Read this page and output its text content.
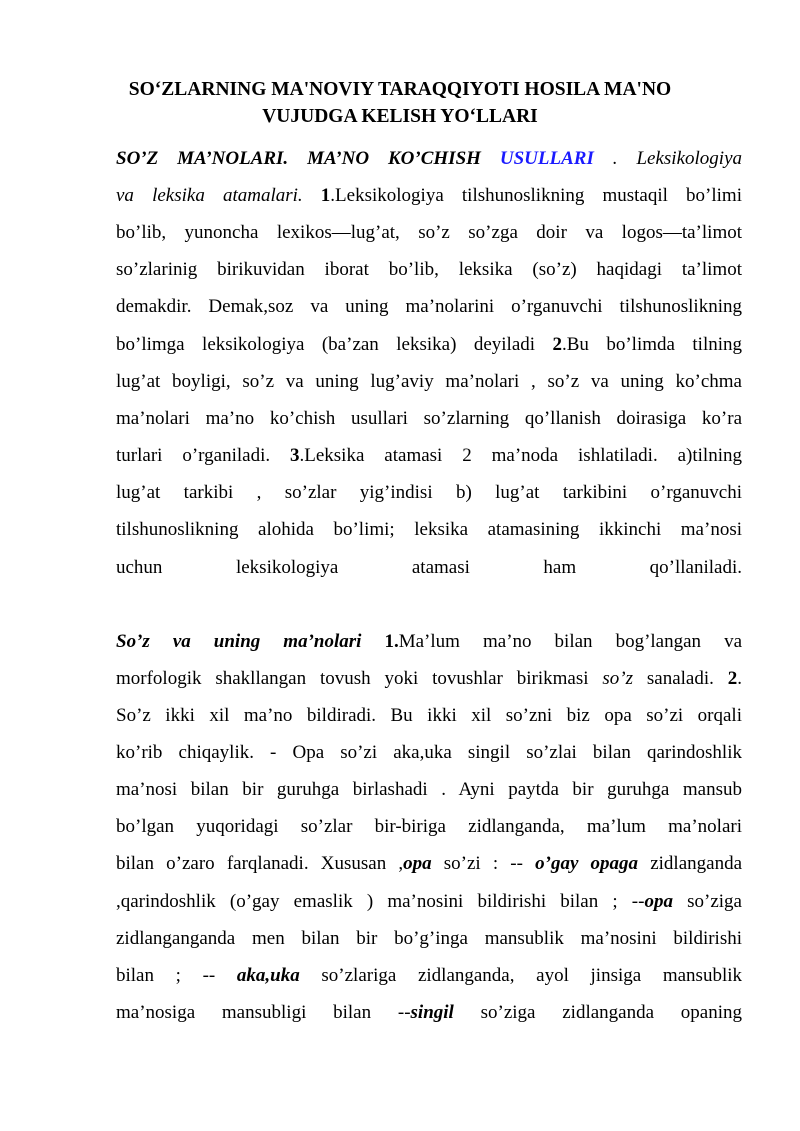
SO‘ZLARNING MA'NOVIY TARAQQIYOTI HOSILA MA'NO
VUJUDGA KELISH YO‘LLARI
SO’Z MA’NOLARI. MA’NO KO’CHISH USULLARI . Leksikologiya
va leksika atamalari. 1.Leksikologiya tilshunoslikning mustaqil bo’limi
bo’lib, yunoncha lexikos—lug’at, so’z so’zga doir va logos—ta’limot
so’zlarinig birikuvidan iborat bo’lib, leksika (so’z) haqidagi ta’limot
demakdir. Demak,soz va uning ma’nolarini o’rganuvchi tilshunoslikning
bo’limga leksikologiya (ba’zan leksika) deyiladi 2.Bu bo’limda tilning
lug’at boyligi, so’z va uning lug’aviy ma’nolari , so’z va uning ko’chma
ma’nolari ma’no ko’chish usullari so’zlarning qo’llanish doirasiga ko’ra
turlari o’rganiladi. 3.Leksika atamasi 2 ma’noda ishlatiladi. a)tilning
lug’at tarkibi , so’zlar yig’indisi b) lug’at tarkibini o’rganuvchi
tilshunoslikning alohida bo’limi; leksika atamasining ikkinchi ma’nosi
uchun leksikologiya atamasi ham qo’llaniladi.
So’z va uning ma’nolari 1.Ma’lum ma’no bilan bog’langan va
morfologik shakllangan tovush yoki tovushlar birikmasi so’z sanaladi. 2.
So’z ikki xil ma’no bildiradi. Bu ikki xil so’zni biz opa so’zi orqali
ko’rib chiqaylik. - Opa so’zi aka,uka singil so’zlai bilan qarindoshlik
ma’nosi bilan bir guruhga birlashadi . Ayni paytda bir guruhga mansub
bo’lgan yuqoridagi so’zlar bir-biriga zidlanganda, ma’lum ma’nolari
bilan o’zaro farqlanadi. Xususan ,opa so’zi : -- o’gay opaga zidlanganda
,qarindoshlik (o’gay emaslik ) ma’nosini bildirishi bilan ; --opa so’ziga
zidlanganganda men bilan bir bo’g’inga mansublik ma’nosini bildirishi
bilan ; -- aka,uka so’zlariga zidlanganda, ayol jinsiga mansublik
ma’nosiga mansubligi bilan --singil so’ziga zidlanganda opaning
